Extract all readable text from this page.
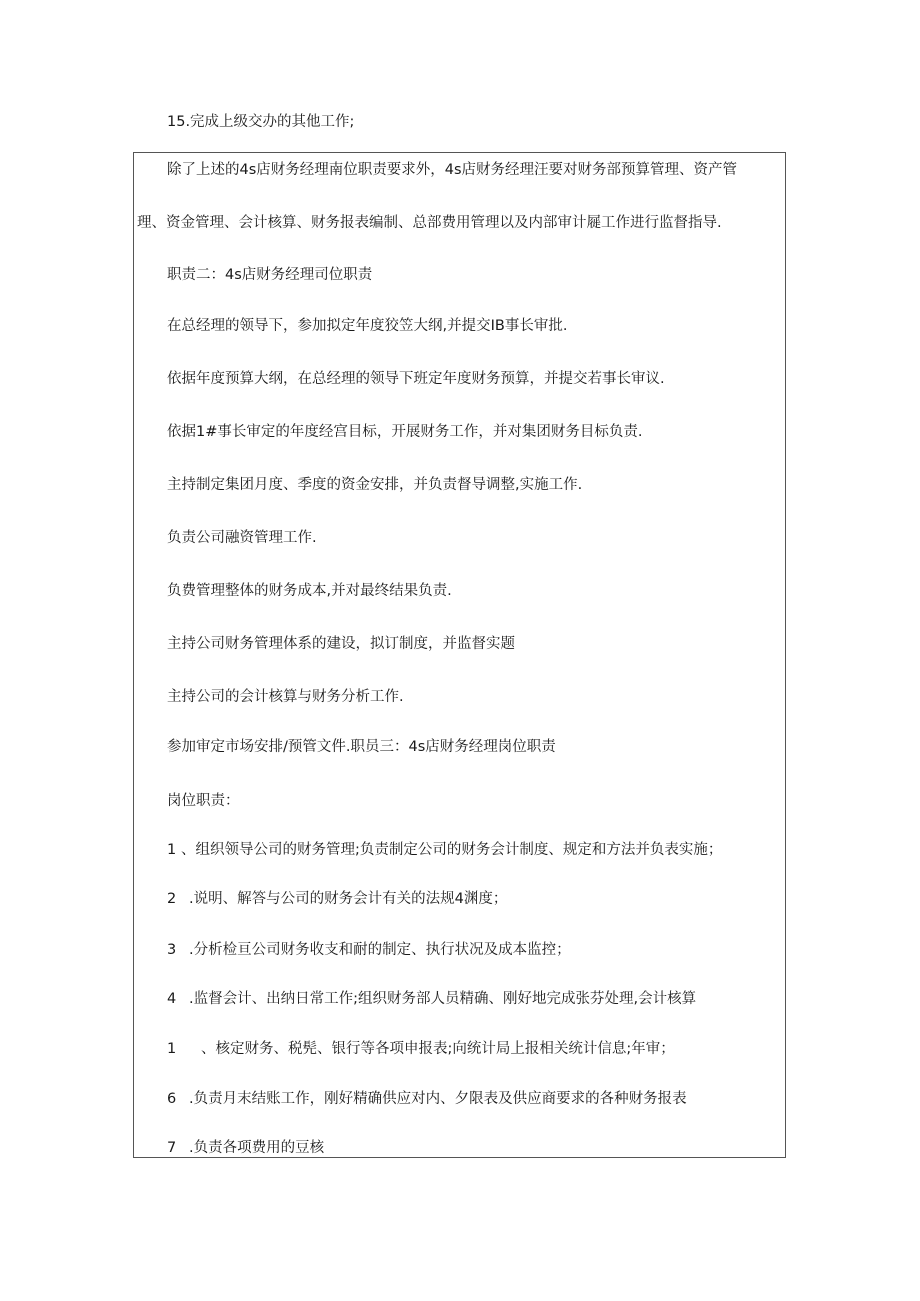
15.完成上级交办的其他工作;

除了上述的4s店财务经理南位职责要求外，4s店财务经理汪要对财务部预算管理、资产管

理、资金管理、会计核算、财务报表编制、总部费用管理以及内部审计屣工作进行监督指导.

职责二：4s店财务经理司位职责

在总经理的领导下，参加拟定年度狡笠大纲,并提交IB事长审批.

依据年度预算大纲，在总经理的领导下班定年度财务预算，并提交若事长审议.

依据1#事长审定的年度经宫目标，开展财务工作，并对集团财务目标负责.

主持制定集团月度、季度的资金安排，并负责督导调整,实施工作.

负责公司融资管理工作.

负费管理整体的财务成本,并对最终结果负责.

主持公司财务管理体系的建设，拟订制度，并监督实题

主持公司的会计核算与财务分析工作.

参加审定市场安排/预管文件.职员三：4s店财务经理岗位职责

岗位职责：

1 、组织领导公司的财务管理;负责制定公司的财务会计制度、规定和方法并负表实施；

2 .说明、解答与公司的财务会计有关的法规4渊度；

3 .分析检亘公司财务收支和耐的制定、执行状况及成本监控；

4 .监督会计、出纳日常工作;组织财务部人员精确、刚好地完成张芬处理,会计核算

1 、核定财务、税髡、银行等各项申报表;向统计局上报相关统计信息;年审；

6 .负责月末结账工作，刚好精确供应对内、夕限表及供应商要求的各种财务报表

7 .负责各项费用的豆核
